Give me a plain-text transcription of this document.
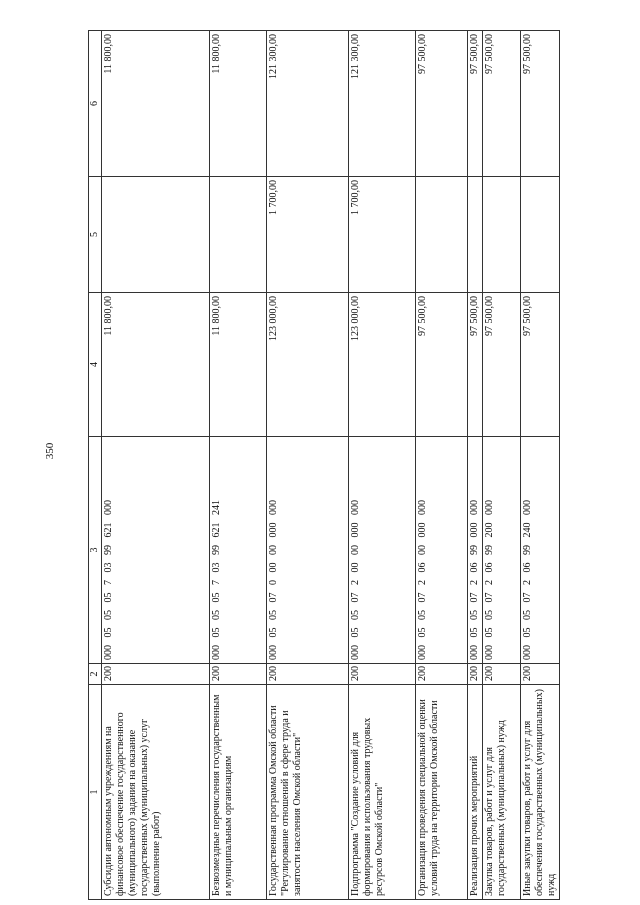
350
1	2	3	4	5	6
Субсидии автономным учреждениям на финансовое обеспечение государственного (муниципального) задания на оказание государственных (муниципальных) услуг (выполнение работ)	200	000 05 05 05 7 03 99 621 000	11 800,00		11 800,00
Безвозмездные перечисления государственным и муниципальным организациям	200	000 05 05 05 7 03 99 621 241	11 800,00		11 800,00
Государственная программа Омской области "Регулирование отношений в сфере труда и занятости населения Омской области"	200	000 05 05 07 0 00 00 000 000	123 000,00	1 700,00	121 300,00
Подпрограмма "Создание условий для формирования и использования трудовых ресурсов Омской области"	200	000 05 05 07 2 00 00 000 000	123 000,00	1 700,00	121 300,00
Организация проведения специальной оценки условий труда на территории Омской области	200	000 05 05 07 2 06 00 000 000	97 500,00		97 500,00
Реализация прочих мероприятий	200	000 05 05 07 2 06 99 000 000	97 500,00		97 500,00
Закупка товаров, работ и услуг для государственных (муниципальных) нужд	200	000 05 05 07 2 06 99 200 000	97 500,00		97 500,00
Иные закупки товаров, работ и услуг для обеспечения государственных (муниципальных) нужд	200	000 05 05 07 2 06 99 240 000	97 500,00		97 500,00
